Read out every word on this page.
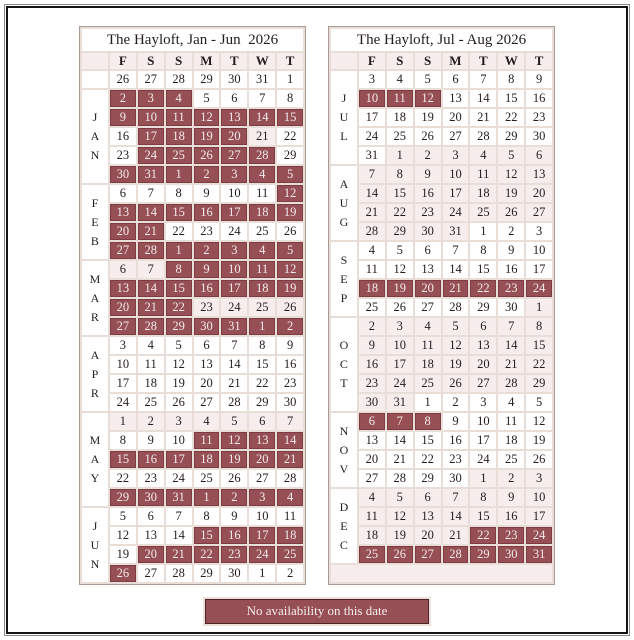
The Hayloft, Jan - Jun  2026							
	F	S	S	M	T	W	T
	26	27	28	29	30	31	1

J
A
N	2	3	4	5	6	7	8
	9	10	11	12	13	14	15
	16	17	18	19	20	21	22
	23	24	25	26	27	28	29
	30	31	1	2	3	4	5

F
E
B	6	7	8	9	10	11	12
	13	14	15	16	17	18	19
	20	21	22	23	24	25	26
	27	28	1	2	3	4	5

M
A
R	6	7	8	9	10	11	12
	13	14	15	16	17	18	19
	20	21	22	23	24	25	26
	27	28	29	30	31	1	2

A
P
R	3	4	5	6	7	8	9
	10	11	12	13	14	15	16
	17	18	19	20	21	22	23
	24	25	26	27	28	29	30

M
A
Y	1	2	3	4	5	6	7
	8	9	10	11	12	13	14
	15	16	17	18	19	20	21
	22	23	24	25	26	27	28
	29	30	31	1	2	3	4

J
U
N	5	6	7	8	9	10	11
	12	13	14	15	16	17	18
	19	20	21	22	23	24	25
	26	27	28	29	30	1	2
The Hayloft, Jul - Aug 2026							
	F	S	S	M	T	W	T

J
U
L	3	4	5	6	7	8	9
	10	11	12	13	14	15	16
	17	18	19	20	21	22	23
	24	25	26	27	28	29	30
	31	1	2	3	4	5	6

A
U
G	7	8	9	10	11	12	13
	14	15	16	17	18	19	20
	21	22	23	24	25	26	27
	28	29	30	31	1	2	3

S
E
P	4	5	6	7	8	9	10
	11	12	13	14	15	16	17
	18	19	20	21	22	23	24
	25	26	27	28	29	30	1

O
C
T	2	3	4	5	6	7	8
	9	10	11	12	13	14	15
	16	17	18	19	20	21	22
	23	24	25	26	27	28	29
	30	31	1	2	3	4	5

N
O
V	6	7	8	9	10	11	12
	13	14	15	16	17	18	19
	20	21	22	23	24	25	26
	27	28	29	30	1	2	3

D
E
C	4	5	6	7	8	9	10
	11	12	13	14	15	16	17
	18	19	20	21	22	23	24
	25	26	27	28	29	30	31

No availability on this date
